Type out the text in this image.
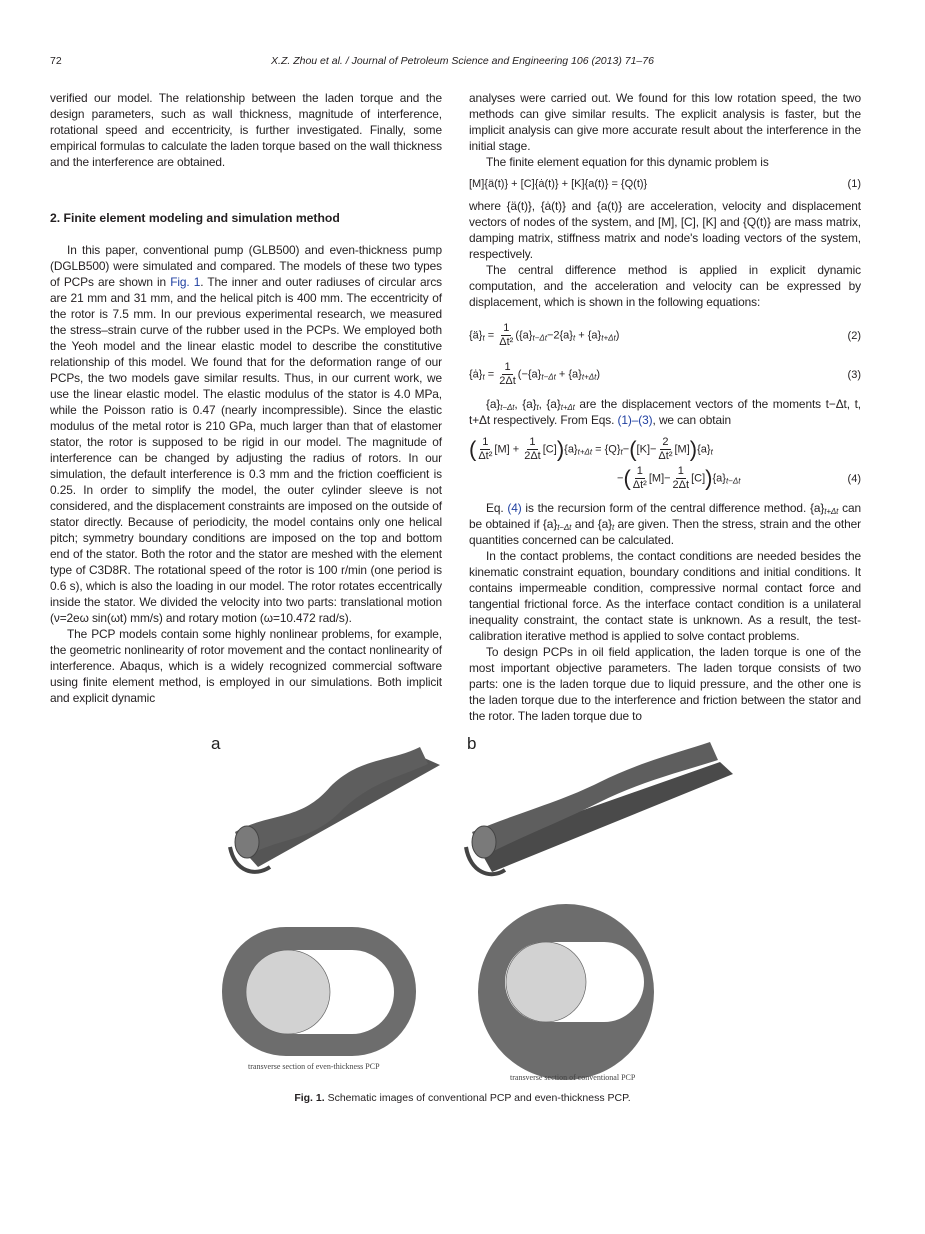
72	X.Z. Zhou et al. / Journal of Petroleum Science and Engineering 106 (2013) 71–76
verified our model. The relationship between the laden torque and the design parameters, such as wall thickness, magnitude of interference, rotational speed and eccentricity, is further investigated. Finally, some empirical formulas to calculate the laden torque based on the wall thickness and the interference are obtained.
2. Finite element modeling and simulation method
In this paper, conventional pump (GLB500) and even-thickness pump (DGLB500) were simulated and compared. The models of these two types of PCPs are shown in Fig. 1. The inner and outer radiuses of circular arcs are 21 mm and 31 mm, and the helical pitch is 400 mm. The eccentricity of the rotor is 7.5 mm. In our previous experimental research, we measured the stress–strain curve of the rubber used in the PCPs. We employed both the Yeoh model and the linear elastic model to describe the constitutive relationship of this model. We found that for the deformation range of our PCPs, the two models gave similar results. Thus, in our current work, we use the linear elastic model. The elastic modulus of the stator is 4.0 MPa, while the Poisson ratio is 0.47 (nearly incompressible). Since the elastic modulus of the metal rotor is 210 GPa, much larger than that of elastomer stator, the rotor is supposed to be rigid in our model. The magnitude of interference can be changed by adjusting the radius of rotors. In our simulation, the default interference is 0.3 mm and the friction coefficient is 0.25. In order to simplify the model, the outer cylinder sleeve is not considered, and the displacement constraints are imposed on the outside of stator directly. Because of periodicity, the model contains only one helical pitch; symmetry boundary conditions are imposed on the top and bottom end of the stator. Both the rotor and the stator are meshed with the element type of C3D8R. The rotational speed of the rotor is 100 r/min (one period is 0.6 s), which is also the loading in our model. The rotor rotates eccentrically inside the stator. We divided the velocity into two parts: translational motion (ν=2eω sin(ωt) mm/s) and rotary motion (ω=10.472 rad/s).
The PCP models contain some highly nonlinear problems, for example, the geometric nonlinearity of rotor movement and the contact nonlinearity of interference. Abaqus, which is a widely recognized commercial software using finite element method, is employed in our simulations. Both implicit and explicit dynamic
analyses were carried out. We found for this low rotation speed, the two methods can give similar results. The explicit analysis is faster, but the implicit analysis can give more accurate result about the interference in the initial stage.
The finite element equation for this dynamic problem is
[M]{ä(t)} + [C]{ȧ(t)} + [K]{a(t)} = {Q(t)}	(1)
where {ä(t)}, {ȧ(t)} and {a(t)} are acceleration, velocity and displacement vectors of nodes of the system, and [M], [C], [K] and {Q(t)} are mass matrix, damping matrix, stiffness matrix and node's loading vectors of the system, respectively.
The central difference method is applied in explicit dynamic computation, and the acceleration and velocity can be expressed by displacement, which is shown in the following equations:
$\{ä\}_t = \frac{1}{\text{Δt²}} (\{a\}_{t-\Delta t}-2\{a\}_t + \{a\}_{t+\Delta t})$	(2)
$\{ȧ\}_t = \frac{1}{2\Delta t} (-\{a\}_{t-\Delta t} + \{a\}_{t+\Delta t})$	(3)
$\{a\}_{t-\Delta t}$, $\{a\}_t$, $\{a\}_{t+\Delta t}$ are the displacement vectors of the moments t−Δt, t, t+Δt respectively. From Eqs. (1)–(3), we can obtain
( $\frac{1}{\text{Δt²}} [M] + \frac{1}{2\Delta t} [C])\{a\}_{t+\Delta t} = \{Q\}_t-([K]- \frac{2}{\text{Δt²}} [M])\{a\}_t$
−( $\frac{1}{\text{Δt²}} [M]- \frac{1}{2\Delta t} [C])\{a\}_{t-\Delta t}$	(4)
Eq. (4) is the recursion form of the central difference method. $\{a\}_{t+\Delta t}$ can be obtained if $\{a\}_{t-\Delta t}$ and $\{a\}_t$ are given. Then the stress, strain and the other quantities concerned can be calculated.
In the contact problems, the contact conditions are needed besides the kinematic constraint equation, boundary conditions and initial conditions. It contains impermeable condition, compressive normal contact force and tangential frictional force. As the interface contact condition is a unilateral inequality constraint, the contact state is unknown. As a result, the test-calibration iterative method is applied to solve contact problems.
To design PCPs in oil field application, the laden torque is one of the most important objective parameters. The laden torque consists of two parts: one is the laden torque due to liquid pressure, and the other one is the laden torque due to the interference and friction between the stator and the rotor. The laden torque due to
a	b
transverse section of even-thickness PCP
transverse section of conventional PCP
Fig. 1. Schematic images of conventional PCP and even-thickness PCP.
